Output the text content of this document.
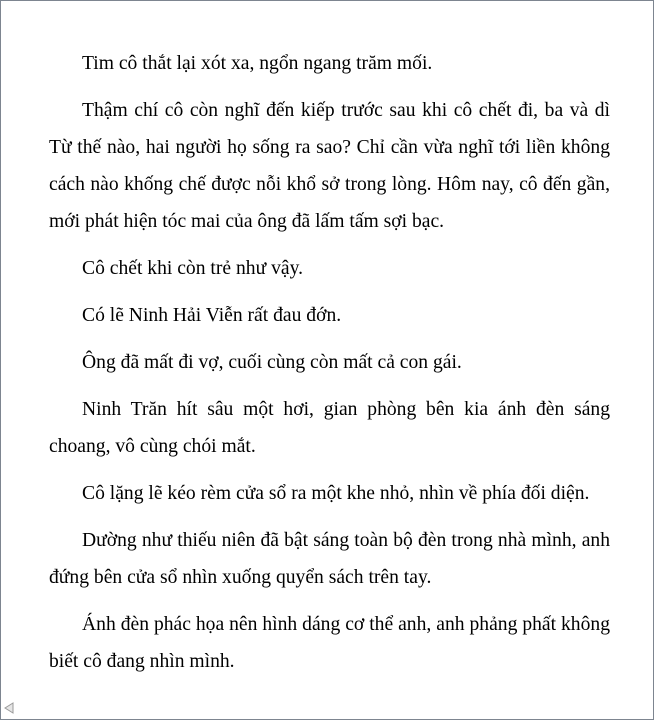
Tim cô thắt lại xót xa, ngổn ngang trăm mối.

Thậm chí cô còn nghĩ đến kiếp trước sau khi cô chết đi, ba và dì Từ thế nào, hai người họ sống ra sao? Chỉ cần vừa nghĩ tới liền không cách nào khống chế được nỗi khổ sở trong lòng. Hôm nay, cô đến gần, mới phát hiện tóc mai của ông đã lấm tấm sợi bạc.

Cô chết khi còn trẻ như vậy.

Có lẽ Ninh Hải Viễn rất đau đớn.

Ông đã mất đi vợ, cuối cùng còn mất cả con gái.

Ninh Trăn hít sâu một hơi, gian phòng bên kia ánh đèn sáng choang, vô cùng chói mắt.

Cô lặng lẽ kéo rèm cửa sổ ra một khe nhỏ, nhìn về phía đối diện.

Dường như thiếu niên đã bật sáng toàn bộ đèn trong nhà mình, anh đứng bên cửa sổ nhìn xuống quyển sách trên tay.

Ánh đèn phác họa nên hình dáng cơ thể anh, anh phảng phất không biết cô đang nhìn mình.
